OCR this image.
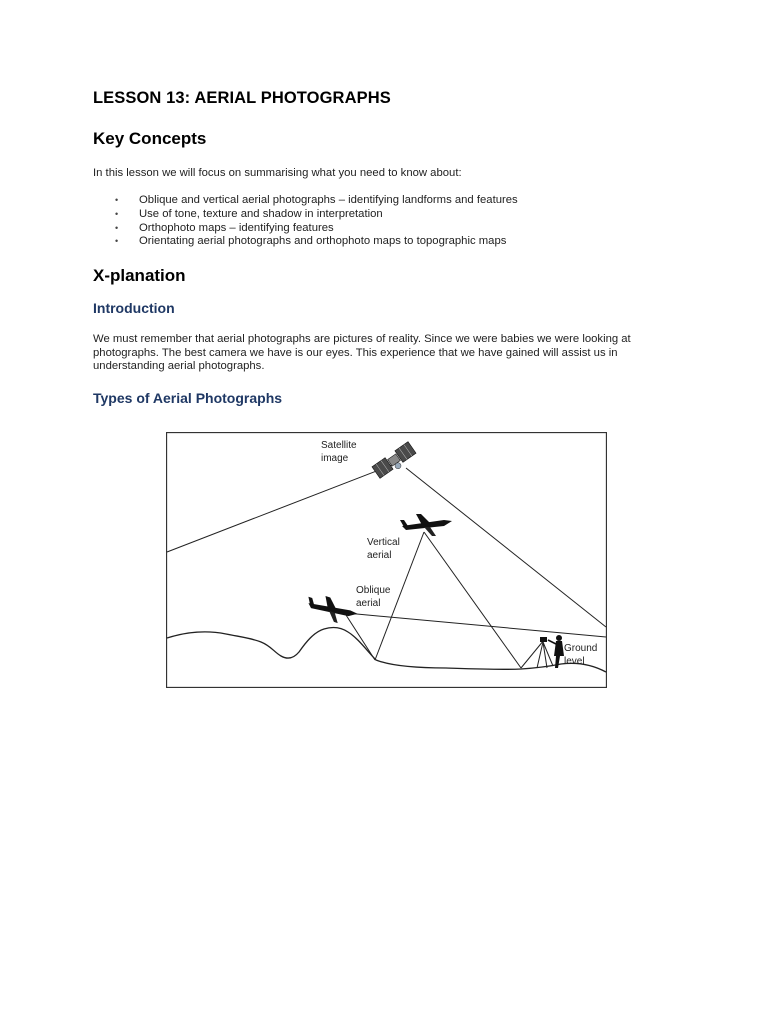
LESSON 13: AERIAL PHOTOGRAPHS
Key Concepts

In this lesson we will focus on summarising what you need to know about:

• Oblique and vertical aerial photographs – identifying landforms and features
• Use of tone, texture and shadow in interpretation
• Orthophoto maps – identifying features
• Orientating aerial photographs and orthophoto maps to topographic maps
X-planation
Introduction

We must remember that aerial photographs are pictures of reality. Since we were babies we were looking at photographs. The best camera we have is our eyes. This experience that we have gained will assist us in understanding aerial photographs.

Types of Aerial Photographs
Satellite
image
Vertical
aerial
Oblique
aerial
Ground
level
